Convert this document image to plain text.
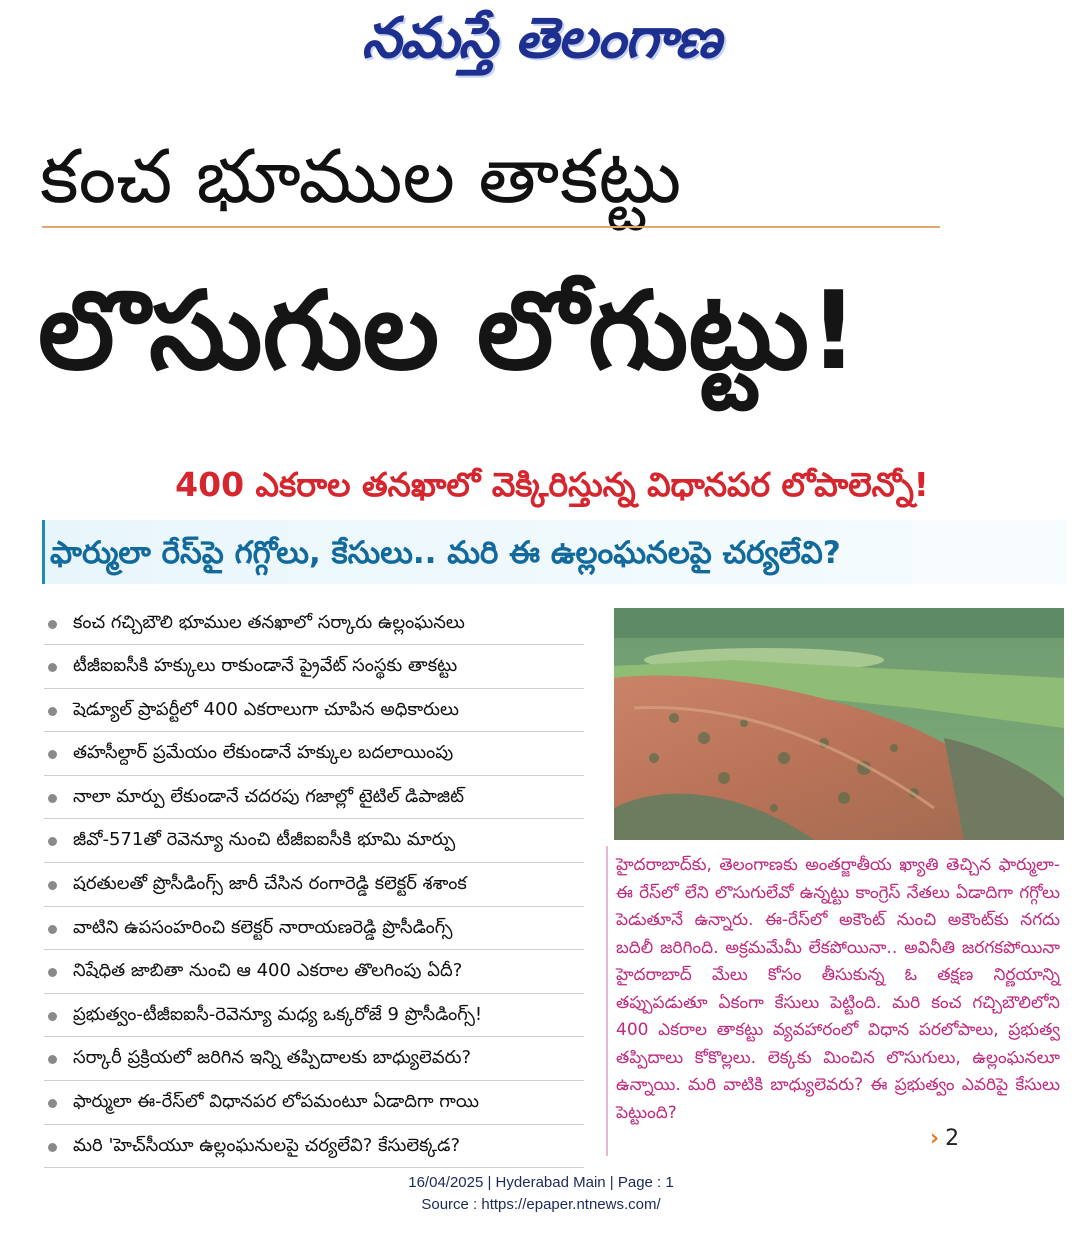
నమస్తే తెలంగాణ
కంచ భూముల తాకట్టు
లొసుగుల లోగుట్టు!
400 ఎకరాల తనఖాలో వెక్కిరిస్తున్న విధానపర లోపాలెన్నో!
ఫార్ములా రేస్‌పై గగ్గోలు, కేసులు.. మరి ఈ ఉల్లంఘనలపై చర్యలేవి?
కంచ గచ్చిబౌలి భూముల తనఖాలో సర్కారు ఉల్లంఘనలు
టీజీఐఐసీకి హక్కులు రాకుండానే ప్రైవేట్ సంస్థకు తాకట్టు
షెడ్యూల్ ప్రాపర్టీలో 400 ఎకరాలుగా చూపిన అధికారులు
తహసీల్దార్ ప్రమేయం లేకుండానే హక్కుల బదలాయింపు
నాలా మార్పు లేకుండానే చదరపు గజాల్లో టైటిల్ డిపాజిట్
జీవో-571తో రెవెన్యూ నుంచి టీజీఐఐసీకి భూమి మార్పు
షరతులతో ప్రొసీడింగ్స్ జారీ చేసిన రంగారెడ్డి కలెక్టర్ శశాంక
వాటిని ఉపసంహరించి కలెక్టర్ నారాయణరెడ్డి ప్రొసీడింగ్స్
నిషేధిత జాబితా నుంచి ఆ 400 ఎకరాల తొలగింపు ఏదీ?
ప్రభుత్వం-టీజీఐఐసీ-రెవెన్యూ మధ్య ఒక్కరోజే 9 ప్రొసీడింగ్స్!
సర్కారీ ప్రక్రియలో జరిగిన ఇన్ని తప్పిదాలకు బాధ్యులెవరు?
ఫార్ములా ఈ-రేస్‌లో విధానపర లోపమంటూ ఏడాదిగా గాయి
మరి 'హెచ్‌సీయూ ఉల్లంఘనులపై చర్యలేవి? కేసులెక్కడ?
హైదరాబాద్‌కు, తెలంగాణకు అంతర్జాతీయ ఖ్యాతి తెచ్చిన ఫార్ములా-ఈ రేస్‌లో లేని లొసుగులేవో ఉన్నట్టు కాంగ్రెస్ నేతలు ఏడాదిగా గగ్గోలు పెడుతూనే ఉన్నారు. ఈ-రేస్‌లో అకౌంట్ నుంచి అకౌంట్‌కు నగదు బదిలీ జరిగింది. అక్రమమేమీ లేకపోయినా.. అవినీతి జరగకపోయినా హైదరాబాద్ మేలు కోసం తీసుకున్న ఓ తక్షణ నిర్ణయాన్ని తప్పుపడుతూ ఏకంగా కేసులు పెట్టింది. మరి కంచ గచ్చిబౌలిలోని 400 ఎకరాల తాకట్టు వ్యవహారంలో విధాన పరలోపాలు, ప్రభుత్వ తప్పిదాలు కోకొల్లలు. లెక్కకు మించిన లొసుగులు, ఉల్లంఘనలూ ఉన్నాయి. మరి వాటికి బాధ్యులెవరు? ఈ ప్రభుత్వం ఎవరిపై కేసులు పెట్టుంది?
› 2
16/04/2025 | Hyderabad Main | Page : 1
Source : https://epaper.ntnews.com/
